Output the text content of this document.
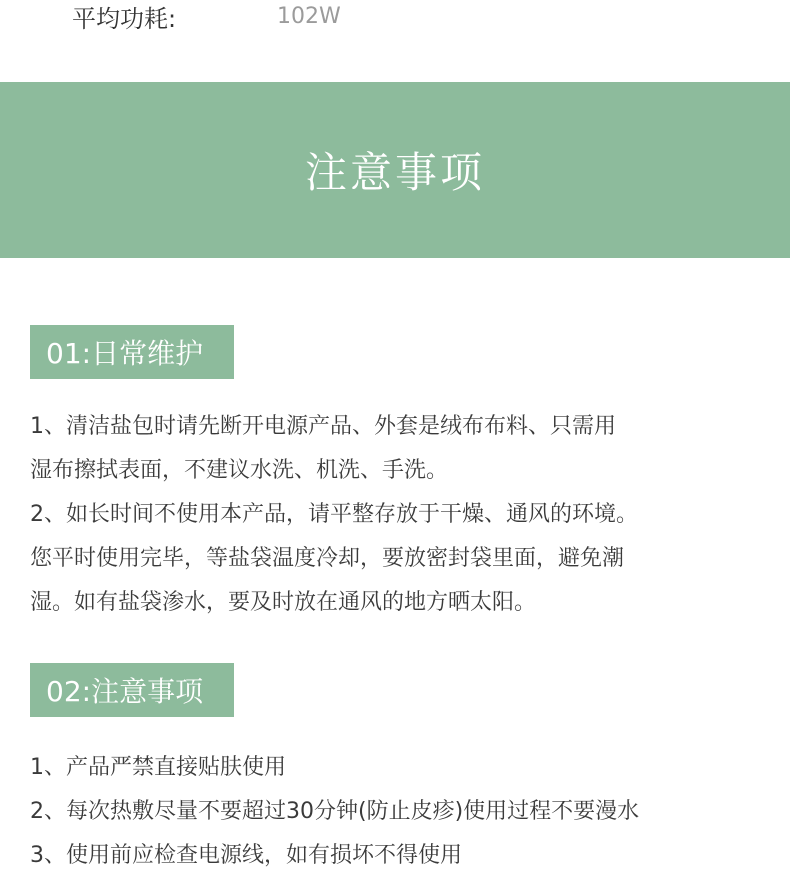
平均功耗:	102W
注意事项
01:日常维护

1、清洁盐包时请先断开电源产品、外套是绒布布料、只需用

湿布擦拭表面，不建议水洗、机洗、手洗。

2、如长时间不使用本产品，请平整存放于干燥、通风的环境。

您平时使用完毕，等盐袋温度冷却，要放密封袋里面，避免潮

湿。如有盐袋渗水，要及时放在通风的地方晒太阳。

02:注意事项

1、产品严禁直接贴肤使用

2、每次热敷尽量不要超过30分钟(防止皮疹)使用过程不要漫水

3、使用前应检查电源线，如有损坏不得使用
